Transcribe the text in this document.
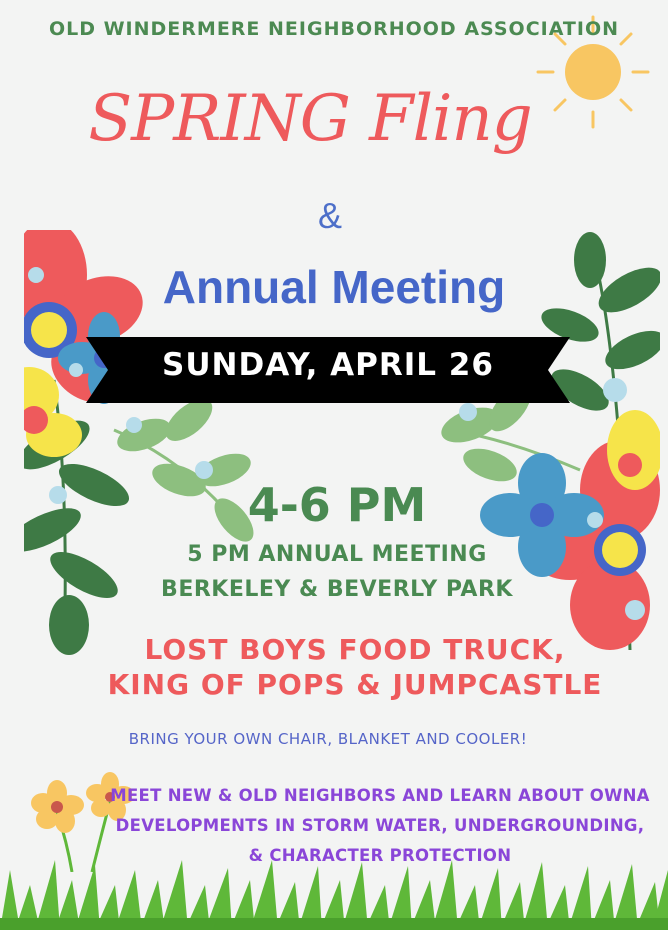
OLD WINDERMERE NEIGHBORHOOD ASSOCIATION
SPRING Fling
&
Annual Meeting
SUNDAY, APRIL 26
4-6 PM
5 PM ANNUAL MEETING
BERKELEY & BEVERLY PARK
LOST BOYS FOOD TRUCK,
KING OF POPS & JUMPCASTLE
BRING YOUR OWN CHAIR, BLANKET AND COOLER!
MEET NEW & OLD NEIGHBORS AND LEARN ABOUT OWNA
DEVELOPMENTS IN STORM WATER, UNDERGROUNDING,
& CHARACTER PROTECTION
